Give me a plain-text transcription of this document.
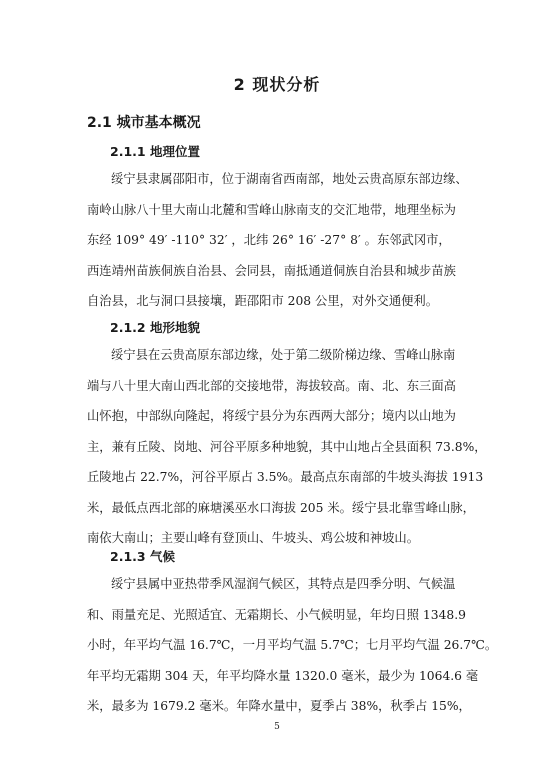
2 现状分析
2.1 城市基本概况
2.1.1 地理位置
绥宁县隶属邵阳市，位于湖南省西南部，地处云贵高原东部边缘、
南岭山脉八十里大南山北麓和雪峰山脉南支的交汇地带，地理坐标为
东经 109° 49′ -110° 32′ ，北纬 26° 16′ -27° 8′ 。东邻武冈市，
西连靖州苗族侗族自治县、会同县，南抵通道侗族自治县和城步苗族
自治县，北与洞口县接壤，距邵阳市 208 公里，对外交通便利。
2.1.2 地形地貌
绥宁县在云贵高原东部边缘，处于第二级阶梯边缘、雪峰山脉南
端与八十里大南山西北部的交接地带，海拔较高。南、北、东三面高
山怀抱，中部纵向隆起，将绥宁县分为东西两大部分；境内以山地为
主，兼有丘陵、岗地、河谷平原多种地貌，其中山地占全县面积 73.8%，
丘陵地占 22.7%，河谷平原占 3.5%。最高点东南部的牛坡头海拔 1913
米，最低点西北部的麻塘溪巫水口海拔 205 米。绥宁县北靠雪峰山脉，
南依大南山；主要山峰有登顶山、牛坡头、鸡公坡和神坡山。
2.1.3 气候
绥宁县属中亚热带季风湿润气候区，其特点是四季分明、气候温
和、雨量充足、光照适宜、无霜期长、小气候明显，年均日照 1348.9
小时，年平均气温 16.7℃，一月平均气温 5.7℃；七月平均气温 26.7℃。
年平均无霜期 304 天，年平均降水量 1320.0 毫米，最少为 1064.6 毫
米，最多为 1679.2 毫米。年降水量中，夏季占 38%，秋季占 15%，
5
